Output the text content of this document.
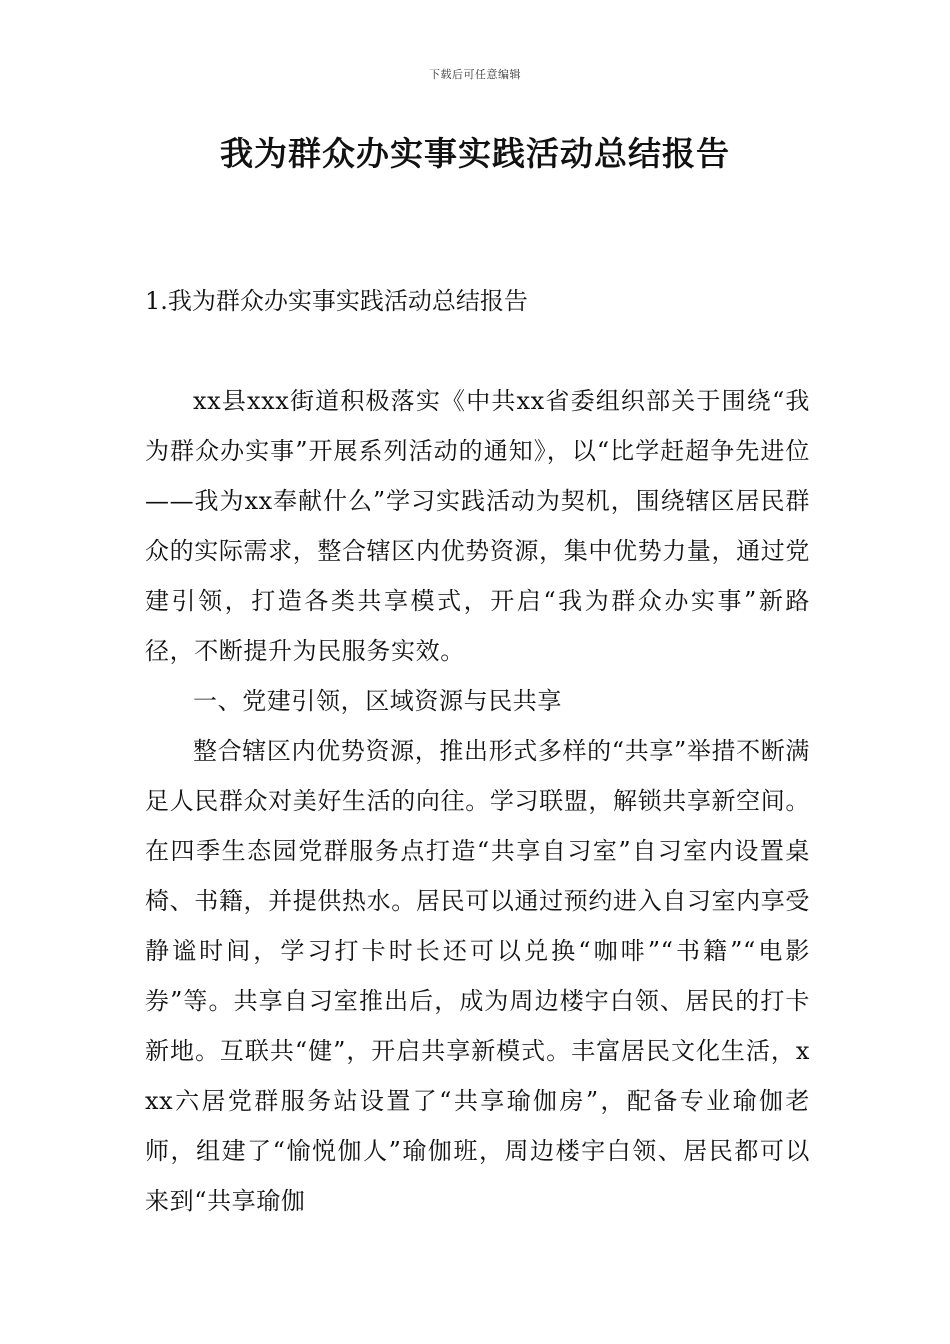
下载后可任意编辑
我为群众办实事实践活动总结报告
1.我为群众办实事实践活动总结报告

xx县xxx街道积极落实《中共xx省委组织部关于围绕“我为群众办实事”开展系列活动的通知》，以“比学赶超争先进位——我为xx奉献什么”学习实践活动为契机，围绕辖区居民群众的实际需求，整合辖区内优势资源，集中优势力量，通过党建引领，打造各类共享模式，开启“我为群众办实事”新路径，不断提升为民服务实效。

一、党建引领，区域资源与民共享

整合辖区内优势资源，推出形式多样的“共享”举措不断满足人民群众对美好生活的向往。学习联盟，解锁共享新空间。在四季生态园党群服务点打造“共享自习室”自习室内设置桌椅、书籍，并提供热水。居民可以通过预约进入自习室内享受静谧时间，学习打卡时长还可以兑换“咖啡”“书籍”“电影券”等。共享自习室推出后，成为周边楼宇白领、居民的打卡新地。互联共“健”，开启共享新模式。丰富居民文化生活，xxx六居党群服务站设置了“共享瑜伽房”，配备专业瑜伽老师，组建了“愉悦伽人”瑜伽班，周边楼宇白领、居民都可以来到“共享瑜伽
